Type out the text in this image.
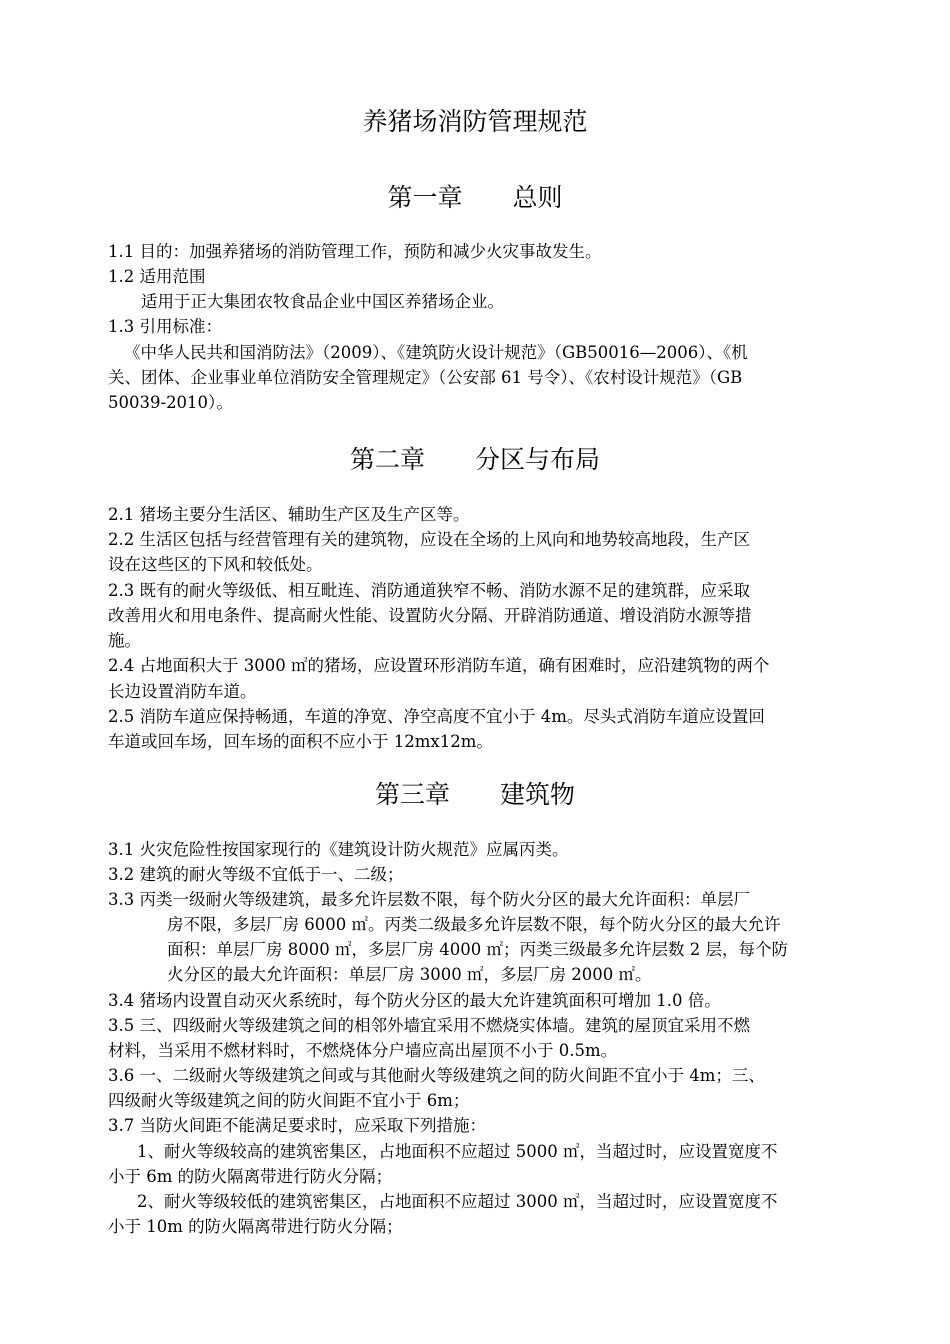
养猪场消防管理规范
第一章 总则
1.1 目的：加强养猪场的消防管理工作，预防和减少火灾事故发生。
1.2 适用范围
适用于正大集团农牧食品企业中国区养猪场企业。
1.3 引用标准：
《中华人民共和国消防法》（2009）、《建筑防火设计规范》（GB50016—2006）、《机
关、团体、企业事业单位消防安全管理规定》（公安部 61 号令）、《农村设计规范》（GB
50039-2010）。
第二章 分区与布局
2.1 猪场主要分生活区、辅助生产区及生产区等。
2.2 生活区包括与经营管理有关的建筑物，应设在全场的上风向和地势较高地段，生产区
设在这些区的下风和较低处。
2.3 既有的耐火等级低、相互毗连、消防通道狭窄不畅、消防水源不足的建筑群，应采取
改善用火和用电条件、提高耐火性能、设置防火分隔、开辟消防通道、增设消防水源等措
施。
2.4 占地面积大于 3000 ㎡的猪场，应设置环形消防车道，确有困难时，应沿建筑物的两个
长边设置消防车道。
2.5 消防车道应保持畅通，车道的净宽、净空高度不宜小于 4m。尽头式消防车道应设置回
车道或回车场，回车场的面积不应小于 12mx12m。
第三章 建筑物
3.1 火灾危险性按国家现行的《建筑设计防火规范》应属丙类。
3.2 建筑的耐火等级不宜低于一、二级；
3.3 丙类一级耐火等级建筑，最多允许层数不限，每个防火分区的最大允许面积：单层厂
房不限，多层厂房 6000 ㎡。丙类二级最多允许层数不限，每个防火分区的最大允许
面积：单层厂房 8000 ㎡，多层厂房 4000 ㎡；丙类三级最多允许层数 2 层，每个防
火分区的最大允许面积：单层厂房 3000 ㎡，多层厂房 2000 ㎡。
3.4 猪场内设置自动灭火系统时，每个防火分区的最大允许建筑面积可增加 1.0 倍。
3.5 三、四级耐火等级建筑之间的相邻外墙宜采用不燃烧实体墙。建筑的屋顶宜采用不燃
材料，当采用不燃材料时，不燃烧体分户墙应高出屋顶不小于 0.5m。
3.6 一、二级耐火等级建筑之间或与其他耐火等级建筑之间的防火间距不宜小于 4m；三、
四级耐火等级建筑之间的防火间距不宜小于 6m；
3.7 当防火间距不能满足要求时，应采取下列措施：
1、耐火等级较高的建筑密集区，占地面积不应超过 5000 ㎡，当超过时，应设置宽度不
小于 6m 的防火隔离带进行防火分隔；
2、耐火等级较低的建筑密集区，占地面积不应超过 3000 ㎡，当超过时，应设置宽度不
小于 10m 的防火隔离带进行防火分隔；
